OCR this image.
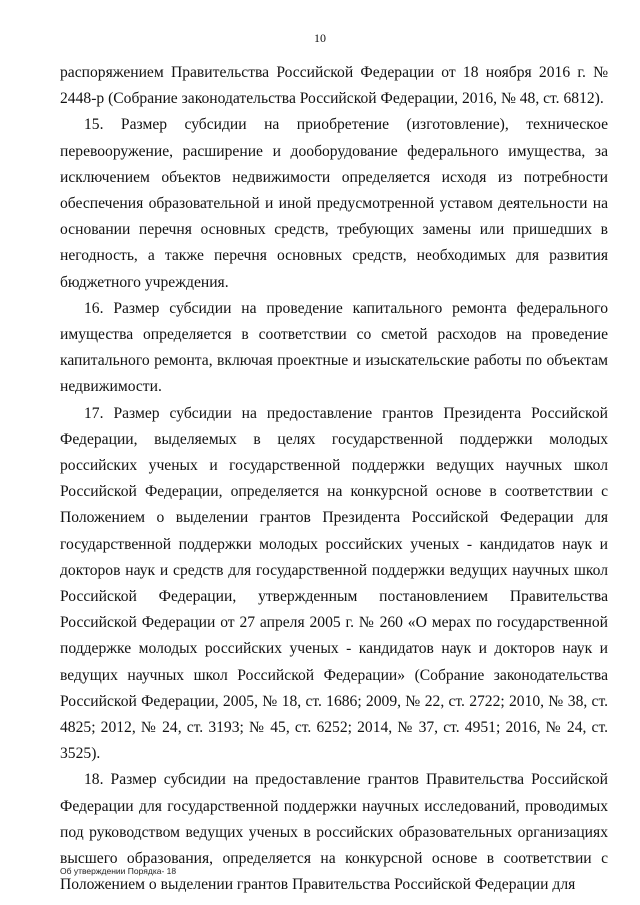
10

распоряжением Правительства Российской Федерации от 18 ноября 2016 г. № 2448-р (Собрание законодательства Российской Федерации, 2016, № 48, ст. 6812).

15. Размер субсидии на приобретение (изготовление), техническое перевооружение, расширение и дооборудование федерального имущества, за исключением объектов недвижимости определяется исходя из потребности обеспечения образовательной и иной предусмотренной уставом деятельности на основании перечня основных средств, требующих замены или пришедших в негодность, а также перечня основных средств, необходимых для развития бюджетного учреждения.

16. Размер субсидии на проведение капитального ремонта федерального имущества определяется в соответствии со сметой расходов на проведение капитального ремонта, включая проектные и изыскательские работы по объектам недвижимости.

17. Размер субсидии на предоставление грантов Президента Российской Федерации, выделяемых в целях государственной поддержки молодых российских ученых и государственной поддержки ведущих научных школ Российской Федерации, определяется на конкурсной основе в соответствии с Положением о выделении грантов Президента Российской Федерации для государственной поддержки молодых российских ученых - кандидатов наук и докторов наук и средств для государственной поддержки ведущих научных школ Российской Федерации, утвержденным постановлением Правительства Российской Федерации от 27 апреля 2005 г. № 260 «О мерах по государственной поддержке молодых российских ученых - кандидатов наук и докторов наук и ведущих научных школ Российской Федерации» (Собрание законодательства Российской Федерации, 2005, № 18, ст. 1686; 2009, № 22, ст. 2722; 2010, № 38, ст. 4825; 2012, № 24, ст. 3193; № 45, ст. 6252; 2014, № 37, ст. 4951; 2016, № 24, ст. 3525).

18. Размер субсидии на предоставление грантов Правительства Российской Федерации для государственной поддержки научных исследований, проводимых под руководством ведущих ученых в российских образовательных организациях высшего образования, определяется на конкурсной основе в соответствии с Положением о выделении грантов Правительства Российской Федерации для

Об утверждении Порядка- 18
